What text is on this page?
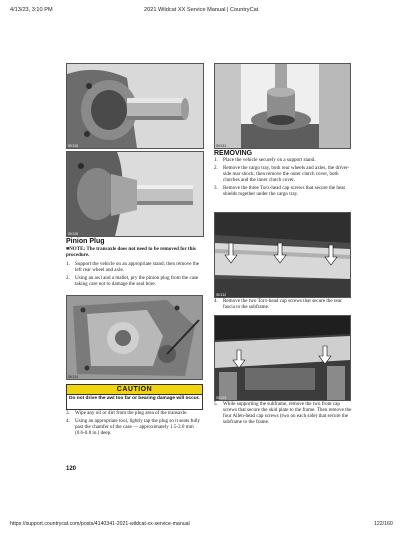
4/13/23, 3:10 PM	2021 Wildcat XX Service Manual | CountryCat
SK126
SK128
Pinion Plug

■NOTE: The transaxle does not need to be removed for this procedure.

1.	Support the vehicle on an appropriate stand; then remove the left rear wheel and axle.
2.	Using an awl and a mallet, pry the pinion plug from the case taking care not to damage the seal bore.
SK124
CAUTION
Do not drive the awl too far or bearing damage will occur.
3.	Wipe any oil or dirt from the plug area of the transaxle.
4.	Using an appropriate tool, lightly tap the plug so it seats fully past the chamfer of the case — approximately 1.5-2.0 mm (0.6-0.8 in.) deep.
120
SK131
REMOVING
1.	Place the vehicle securely on a support stand.
2.	Remove the cargo tray, both rear wheels and axles, the driver-side rear shock; then remove the outer clutch cover, both clutches and the inner clutch cover.
3.	Remove the three Torx-head cap screws that secure the heat shields together under the cargo tray.
SK132
4.	Remove the two Torx-head cap screws that secure the rear fascia to the subframe.
SK133
5.	While supporting the subframe, remove the two front cap screws that secure the skid plate to the frame. Then remove the four Allen-head cap screws (two on each side) that secure the subframe to the frame.
https://support.countrycat.com/posts/4140341-2021-wildcat-xx-service-manual	122/160
